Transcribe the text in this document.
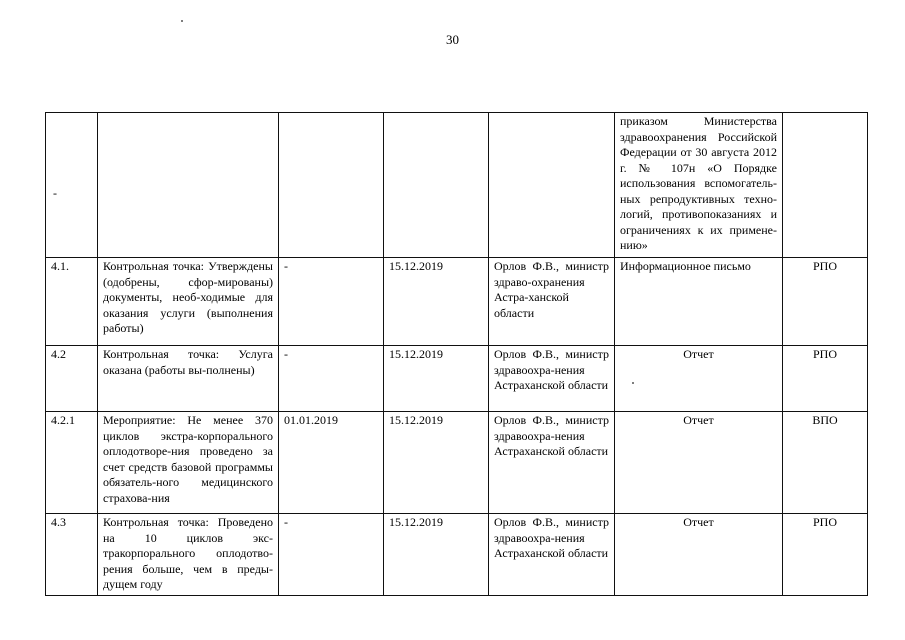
30
-					приказом Министерства здравоохранения Российской Федерации от 30 августа 2012 г. № 107н «О Порядке использования вспомогатель-ных репродуктивных техно-логий, противопоказаниях и ограничениях к их примене-нию»	
4.1.	Контрольная точка: Утверждены (одобрены, сфор-мированы) документы, необ-ходимые для оказания услуги (выполнения работы)	-	15.12.2019	Орлов Ф.В., министр здраво-охранения Астра-ханской области	Информационное письмо	РПО
4.2	Контрольная точка: Услуга оказана (работы вы-полнены)	-	15.12.2019	Орлов Ф.В., министр здравоохра-нения Астраханской области	Отчет	РПО
4.2.1	Мероприятие: Не менее 370 циклов экстра-корпорального оплодотворе-ния проведено за счет средств базовой программы обязатель-ного медицинского страхова-ния	01.01.2019	15.12.2019	Орлов Ф.В., министр здравоохра-нения Астраханской области	Отчет	ВПО
4.3	Контрольная точка: Проведено на 10 циклов экс-тракорпорального оплодотво-рения больше, чем в преды-дущем году	-	15.12.2019	Орлов Ф.В., министр здравоохра-нения Астраханской области	Отчет	РПО
